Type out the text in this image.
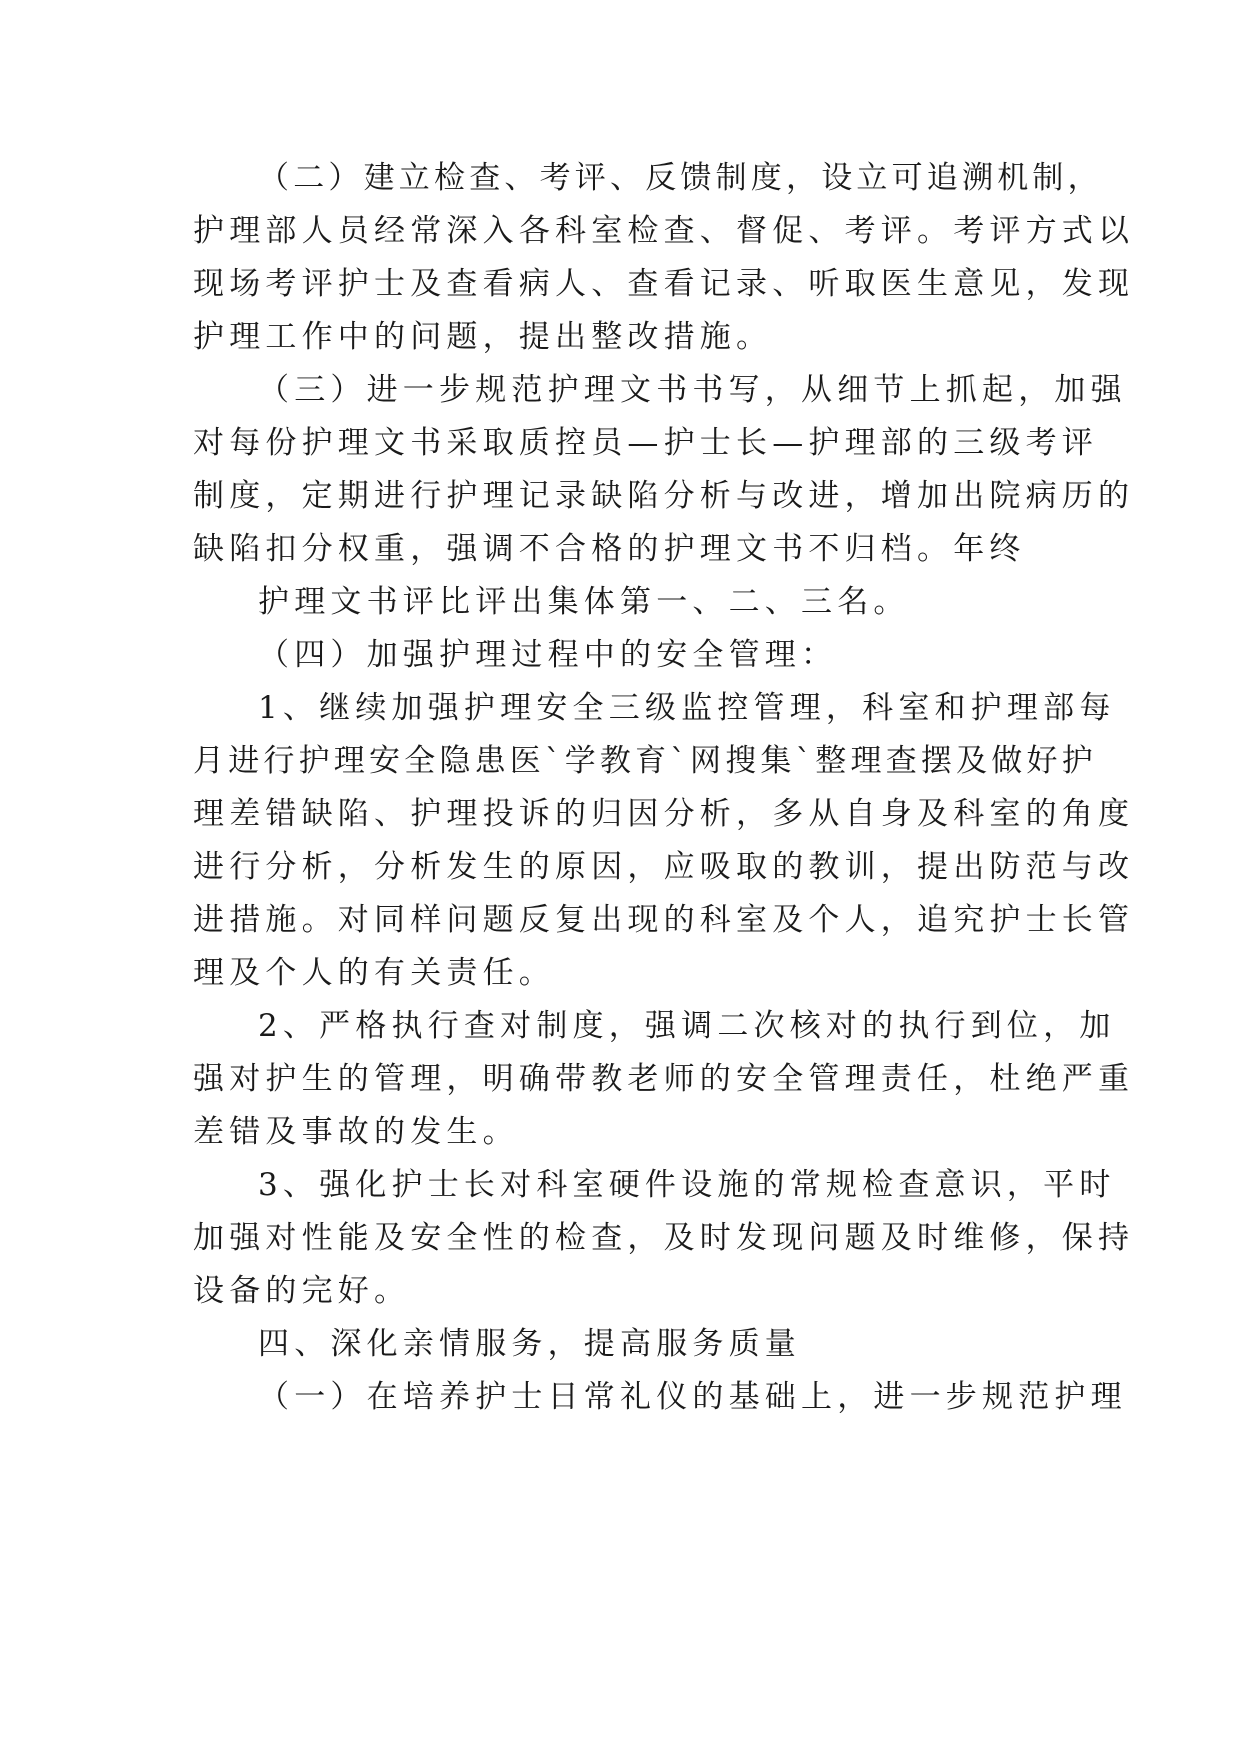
（二）建立检查、考评、反馈制度，设立可追溯机制，
护理部人员经常深入各科室检查、督促、考评。考评方式以
现场考评护士及查看病人、查看记录、听取医生意见，发现
护理工作中的问题，提出整改措施。
（三）进一步规范护理文书书写，从细节上抓起，加强
对每份护理文书采取质控员—护士长—护理部的三级考评
制度，定期进行护理记录缺陷分析与改进，增加出院病历的
缺陷扣分权重，强调不合格的护理文书不归档。年终
护理文书评比评出集体第一、二、三名。
（四）加强护理过程中的安全管理：
1、继续加强护理安全三级监控管理，科室和护理部每
月进行护理安全隐患医`学教育`网搜集`整理查摆及做好护
理差错缺陷、护理投诉的归因分析，多从自身及科室的角度
进行分析，分析发生的原因，应吸取的教训，提出防范与改
进措施。对同样问题反复出现的科室及个人，追究护士长管
理及个人的有关责任。
2、严格执行查对制度，强调二次核对的执行到位，加
强对护生的管理，明确带教老师的安全管理责任，杜绝严重
差错及事故的发生。
3、强化护士长对科室硬件设施的常规检查意识，平时
加强对性能及安全性的检查，及时发现问题及时维修，保持
设备的完好。
四、深化亲情服务，提高服务质量
（一）在培养护士日常礼仪的基础上，进一步规范护理
